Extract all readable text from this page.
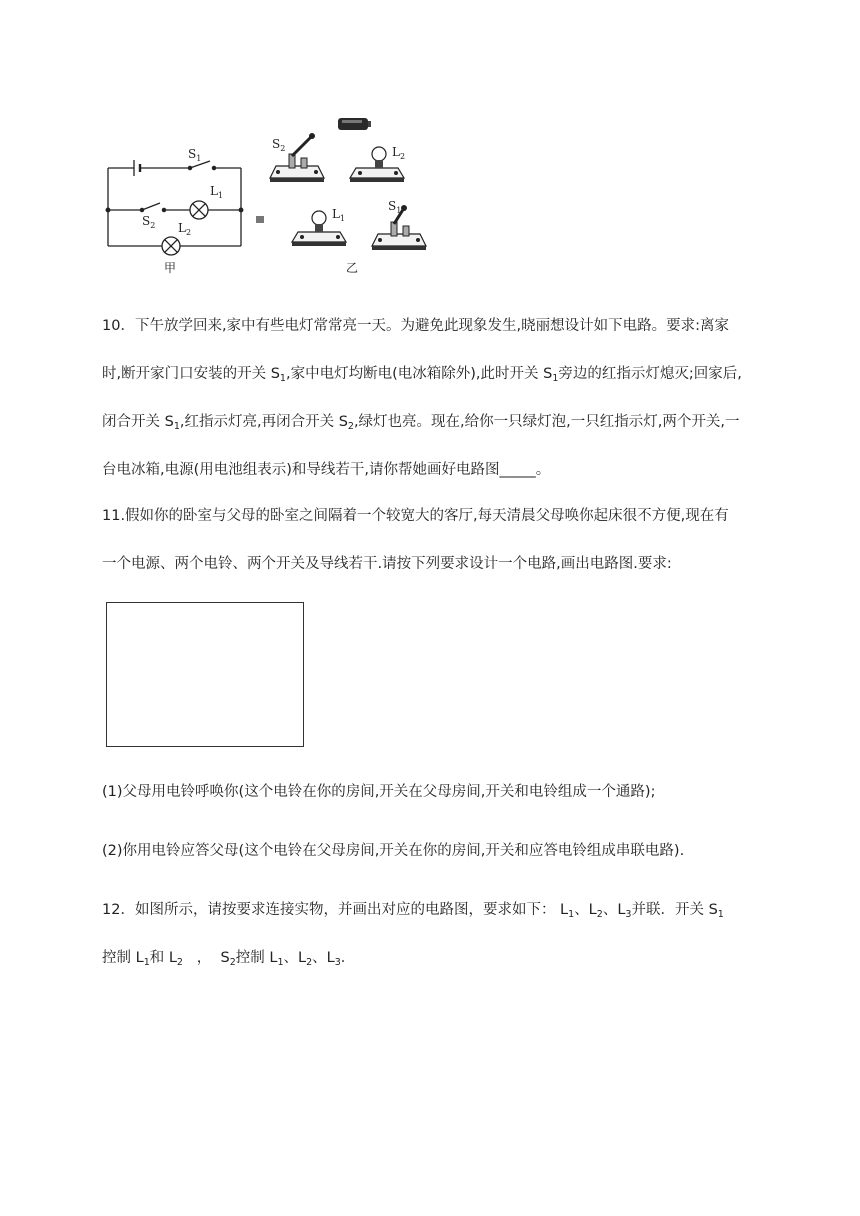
$S_1$
$L_1$
$S_2$ $L_2$
甲
$S_2$	$L_2$
$L_1$
$S_1$
乙

10．下午放学回来,家中有些电灯常常亮一天。为避免此现象发生,晓丽想设计如下电路。要求:离家
时,断开家门口安装的开关 $S_1$,家中电灯均断电(电冰箱除外),此时开关 $S_1$旁边的红指示灯熄灭;回家后,
闭合开关 $S_1$,红指示灯亮,再闭合开关 $S_2$,绿灯也亮。现在,给你一只绿灯泡,一只红指示灯,两个开关,一
台电冰箱,电源(用电池组表示)和导线若干,请你帮她画好电路图_____。

11.假如你的卧室与父母的卧室之间隔着一个较宽大的客厅,每天清晨父母唤你起床很不方便,现在有
一个电源、两个电铃、两个开关及导线若干.请按下列要求设计一个电路,画出电路图.要求:

(1)父母用电铃呼唤你(这个电铃在你的房间,开关在父母房间,开关和电铃组成一个通路);

(2)你用电铃应答父母(这个电铃在父母房间,开关在你的房间,开关和应答电铃组成串联电路).

12．如图所示，请按要求连接实物，并画出对应的电路图，要求如下： $L_1$、$L_2$、$L_3$并联．开关 $S_1$
控制 $L_1$和 $L_2$   ，  $S_2$控制 $L_1$、$L_2$、$L_3$．
